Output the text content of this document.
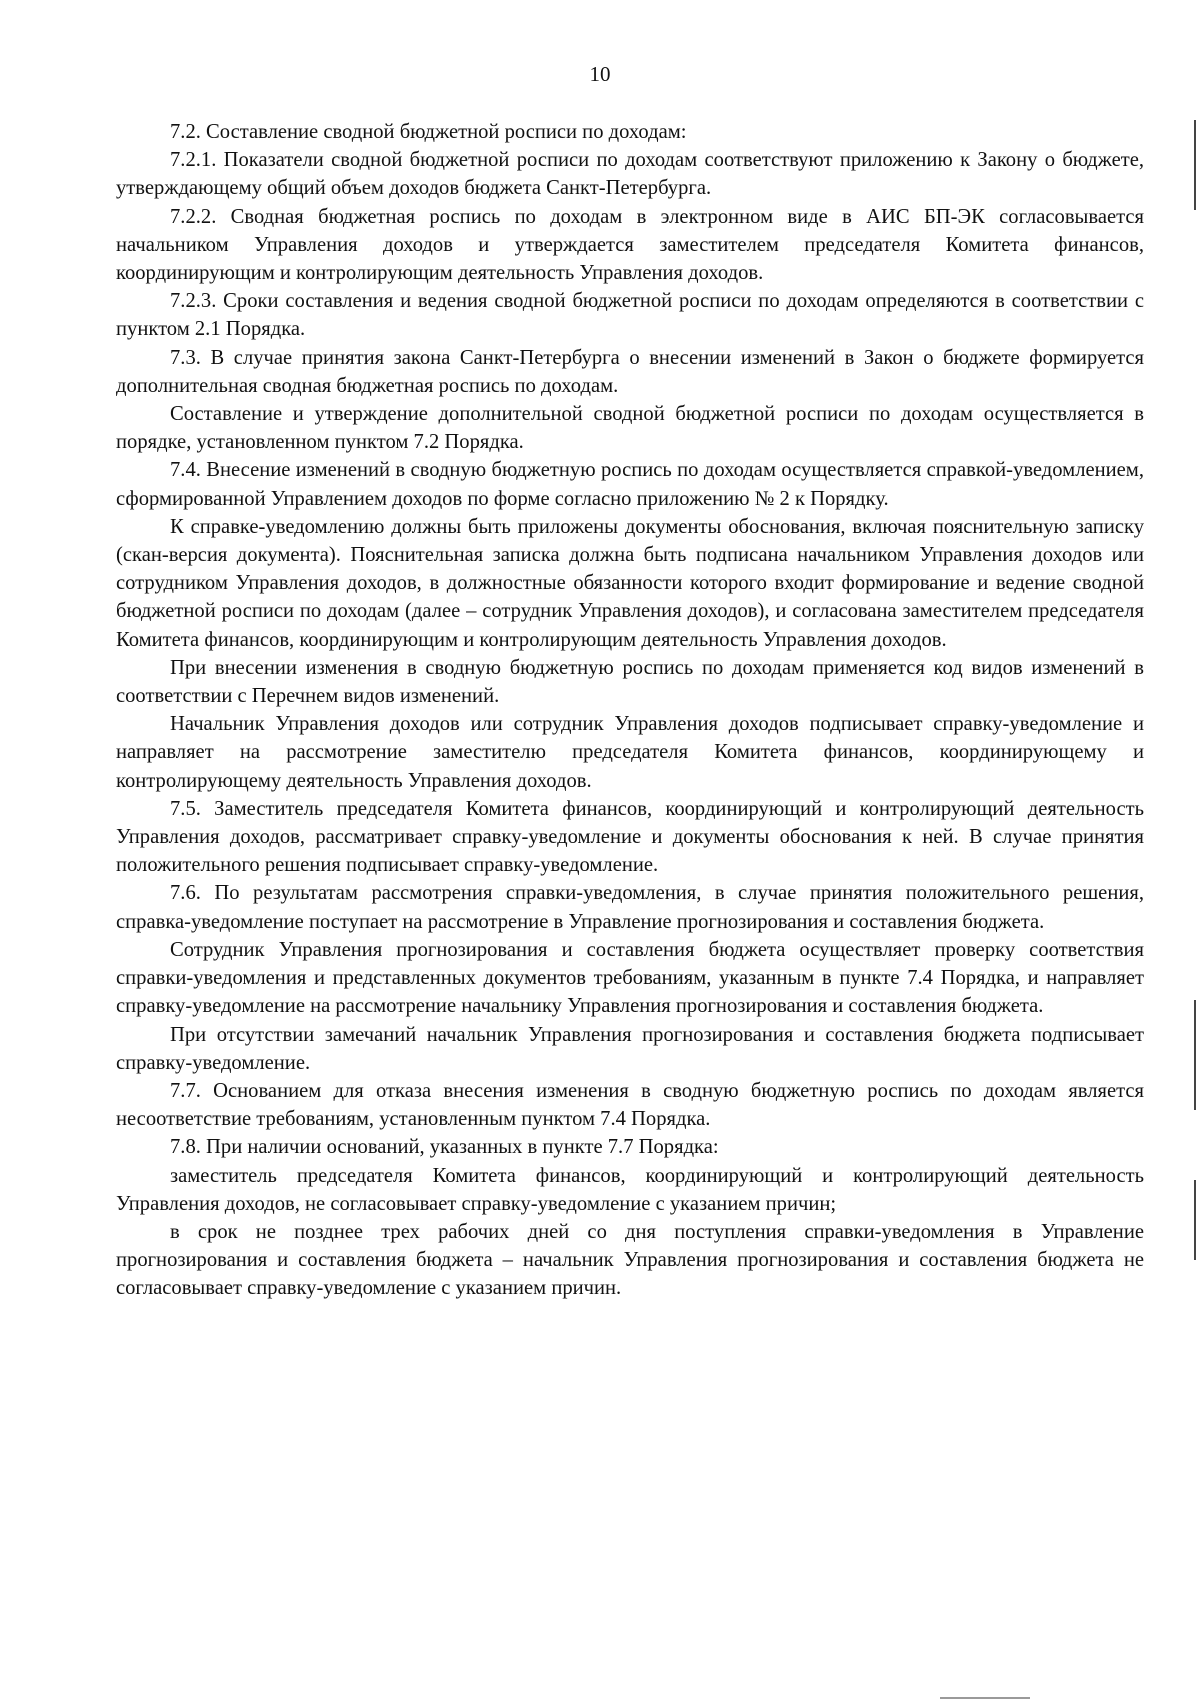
10

7.2. Составление сводной бюджетной росписи по доходам:

7.2.1. Показатели сводной бюджетной росписи по доходам соответствуют приложению к Закону о бюджете, утверждающему общий объем доходов бюджета Санкт-Петербурга.

7.2.2. Сводная бюджетная роспись по доходам в электронном виде в АИС БП-ЭК согласовывается начальником Управления доходов и утверждается заместителем председателя Комитета финансов, координирующим и контролирующим деятельность Управления доходов.

7.2.3. Сроки составления и ведения сводной бюджетной росписи по доходам определяются в соответствии с пунктом 2.1 Порядка.

7.3. В случае принятия закона Санкт-Петербурга о внесении изменений в Закон о бюджете формируется дополнительная сводная бюджетная роспись по доходам.

Составление и утверждение дополнительной сводной бюджетной росписи по доходам осуществляется в порядке, установленном пунктом 7.2 Порядка.

7.4. Внесение изменений в сводную бюджетную роспись по доходам осуществляется справкой-уведомлением, сформированной Управлением доходов по форме согласно приложению № 2 к Порядку.

К справке-уведомлению должны быть приложены документы обоснования, включая пояснительную записку (скан-версия документа). Пояснительная записка должна быть подписана начальником Управления доходов или сотрудником Управления доходов, в должностные обязанности которого входит формирование и ведение сводной бюджетной росписи по доходам (далее – сотрудник Управления доходов), и согласована заместителем председателя Комитета финансов, координирующим и контролирующим деятельность Управления доходов.

При внесении изменения в сводную бюджетную роспись по доходам применяется код видов изменений в соответствии с Перечнем видов изменений.

Начальник Управления доходов или сотрудник Управления доходов подписывает справку-уведомление и направляет на рассмотрение заместителю председателя Комитета финансов, координирующему и контролирующему деятельность Управления доходов.

7.5. Заместитель председателя Комитета финансов, координирующий и контролирующий деятельность Управления доходов, рассматривает справку-уведомление и документы обоснования к ней. В случае принятия положительного решения подписывает справку-уведомление.

7.6. По результатам рассмотрения справки-уведомления, в случае принятия положительного решения, справка-уведомление поступает на рассмотрение в Управление прогнозирования и составления бюджета.

Сотрудник Управления прогнозирования и составления бюджета осуществляет проверку соответствия справки-уведомления и представленных документов требованиям, указанным в пункте 7.4 Порядка, и направляет справку-уведомление на рассмотрение начальнику Управления прогнозирования и составления бюджета.

При отсутствии замечаний начальник Управления прогнозирования и составления бюджета подписывает справку-уведомление.

7.7. Основанием для отказа внесения изменения в сводную бюджетную роспись по доходам является несоответствие требованиям, установленным пунктом 7.4 Порядка.

7.8. При наличии оснований, указанных в пункте 7.7 Порядка:

заместитель председателя Комитета финансов, координирующий и контролирующий деятельность Управления доходов, не согласовывает справку-уведомление с указанием причин;

в срок не позднее трех рабочих дней со дня поступления справки-уведомления в Управление прогнозирования и составления бюджета – начальник Управления прогнозирования и составления бюджета не согласовывает справку-уведомление с указанием причин.
